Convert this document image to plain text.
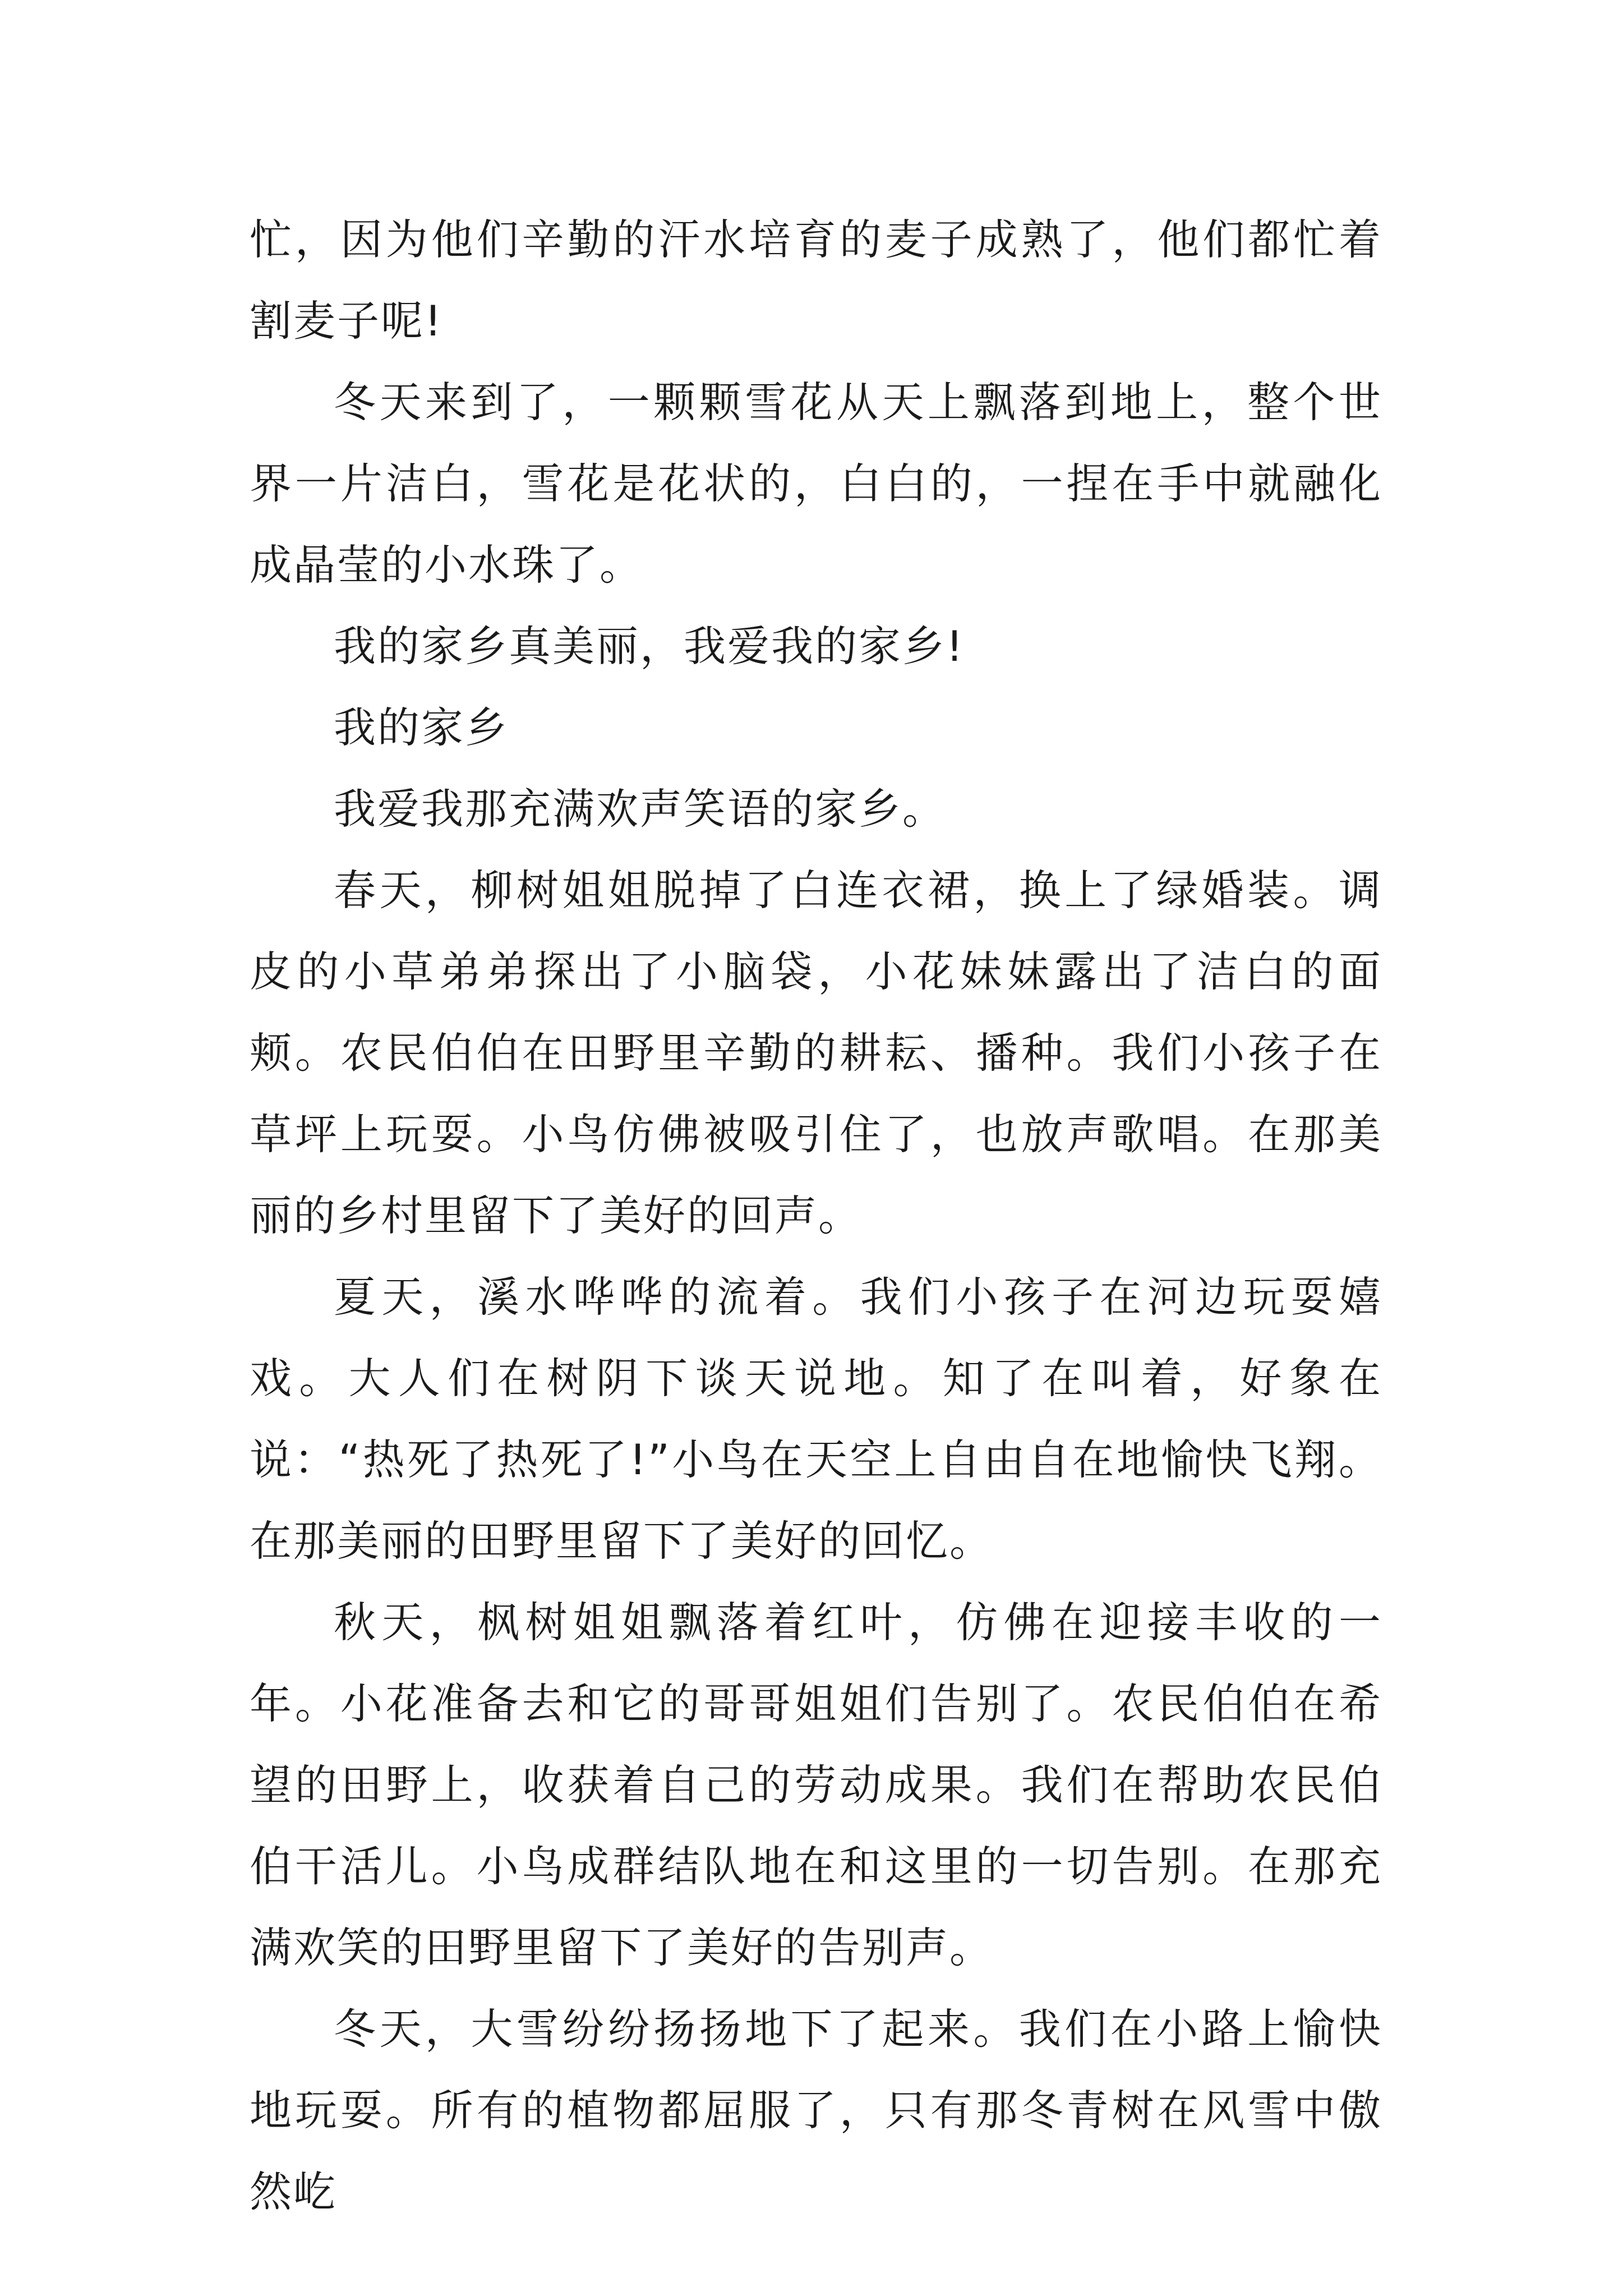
忙，因为他们辛勤的汗水培育的麦子成熟了，他们都忙着割麦子呢!

冬天来到了，一颗颗雪花从天上飘落到地上，整个世界一片洁白，雪花是花状的，白白的，一捏在手中就融化成晶莹的小水珠了。

我的家乡真美丽，我爱我的家乡!

我的家乡

我爱我那充满欢声笑语的家乡。

春天，柳树姐姐脱掉了白连衣裙，换上了绿婚装。调皮的小草弟弟探出了小脑袋，小花妹妹露出了洁白的面颊。农民伯伯在田野里辛勤的耕耘、播种。我们小孩子在草坪上玩耍。小鸟仿佛被吸引住了，也放声歌唱。在那美丽的乡村里留下了美好的回声。

夏天，溪水哗哗的流着。我们小孩子在河边玩耍嬉戏。大人们在树阴下谈天说地。知了在叫着，好象在说：“热死了热死了!”小鸟在天空上自由自在地愉快飞翔。在那美丽的田野里留下了美好的回忆。

秋天，枫树姐姐飘落着红叶，仿佛在迎接丰收的一年。小花准备去和它的哥哥姐姐们告别了。农民伯伯在希望的田野上，收获着自己的劳动成果。我们在帮助农民伯伯干活儿。小鸟成群结队地在和这里的一切告别。在那充满欢笑的田野里留下了美好的告别声。

冬天，大雪纷纷扬扬地下了起来。我们在小路上愉快地玩耍。所有的植物都屈服了，只有那冬青树在风雪中傲然屹
